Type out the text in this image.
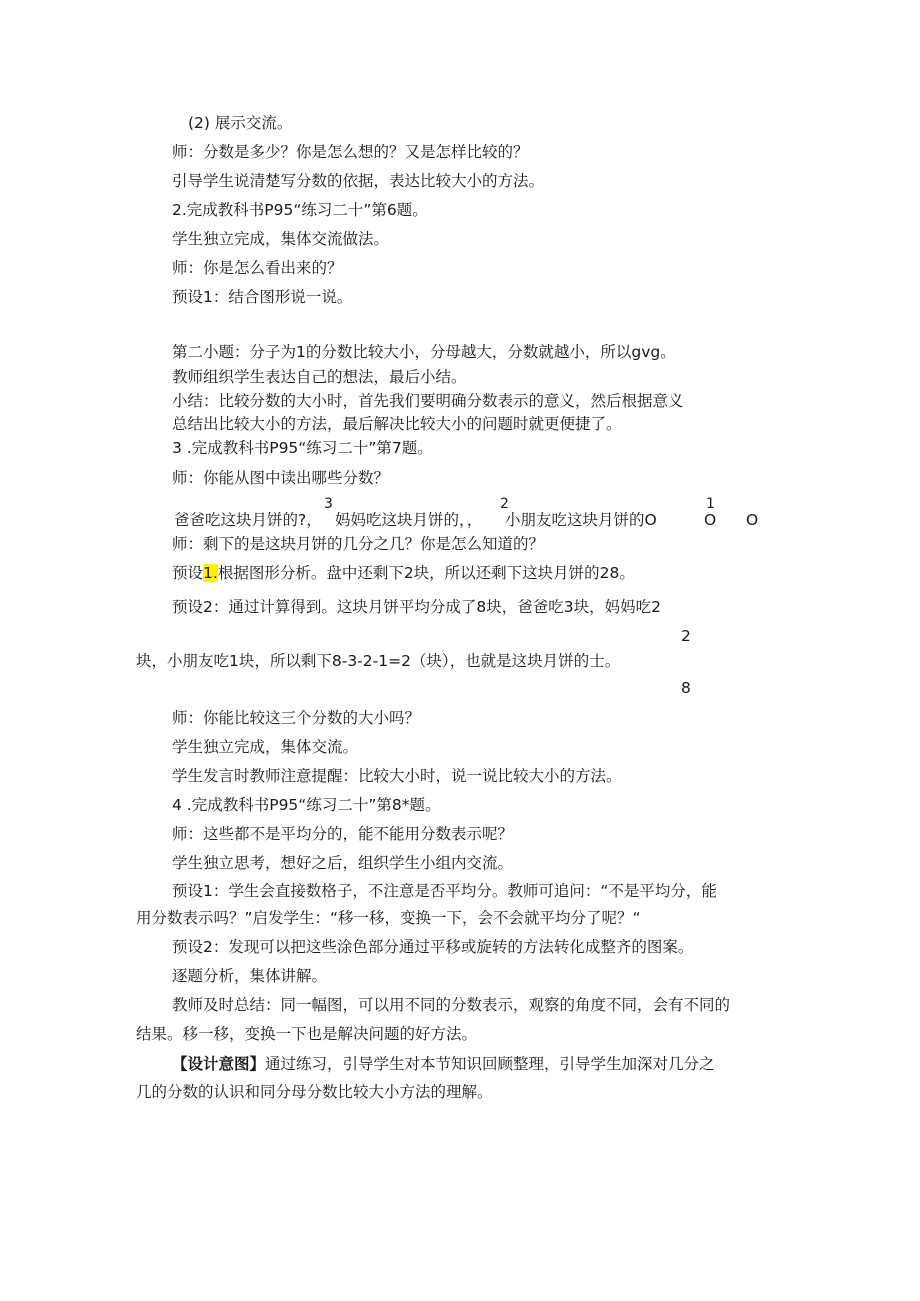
(2) 展示交流。
师：分数是多少？你是怎么想的？又是怎样比较的？
引导学生说清楚写分数的依据，表达比较大小的方法。
2.完成教科书P95“练习二十”第6题。
学生独立完成，集体交流做法。
师：你是怎么看出来的？
预设1：结合图形说一说。
第二小题：分子为1的分数比较大小，分母越大，分数就越小，所以gvg。
教师组织学生表达自己的想法，最后小结。
小结：比较分数的大小时，首先我们要明确分数表示的意义，然后根据意义
总结出比较大小的方法，最后解决比较大小的问题时就更便捷了。
3 .完成教科书P95“练习二十”第7题。
师：你能从图中读出哪些分数？
爸爸吃这块月饼的?，
3
妈妈吃这块月饼的，，
2
小朋友吃这块月饼的O
1
O O
师：剩下的是这块月饼的几分之几？你是怎么知道的？
预设1.根据图形分析。盘中还剩下2块，所以还剩下这块月饼的28。
预设2：通过计算得到。这块月饼平均分成了8块，爸爸吃3块，妈妈吃2
2
块，小朋友吃1块，所以剩下8-3-2-1=2（块），也就是这块月饼的士。
8
师：你能比较这三个分数的大小吗？
学生独立完成，集体交流。
学生发言时教师注意提醒：比较大小时，说一说比较大小的方法。
4 .完成教科书P95“练习二十”第8*题。
师：这些都不是平均分的，能不能用分数表示呢？
学生独立思考，想好之后，组织学生小组内交流。
预设1：学生会直接数格子，不注意是否平均分。教师可追问：“不是平均分，能
用分数表示吗？”启发学生：“移一移，变换一下，会不会就平均分了呢？“
预设2：发现可以把这些涂色部分通过平移或旋转的方法转化成整齐的图案。
逐题分析，集体讲解。
教师及时总结：同一幅图，可以用不同的分数表示，观察的角度不同，会有不同的
结果。移一移，变换一下也是解决问题的好方法。
【设计意图】通过练习，引导学生对本节知识回顾整理，引导学生加深对几分之
几的分数的认识和同分母分数比较大小方法的理解。
